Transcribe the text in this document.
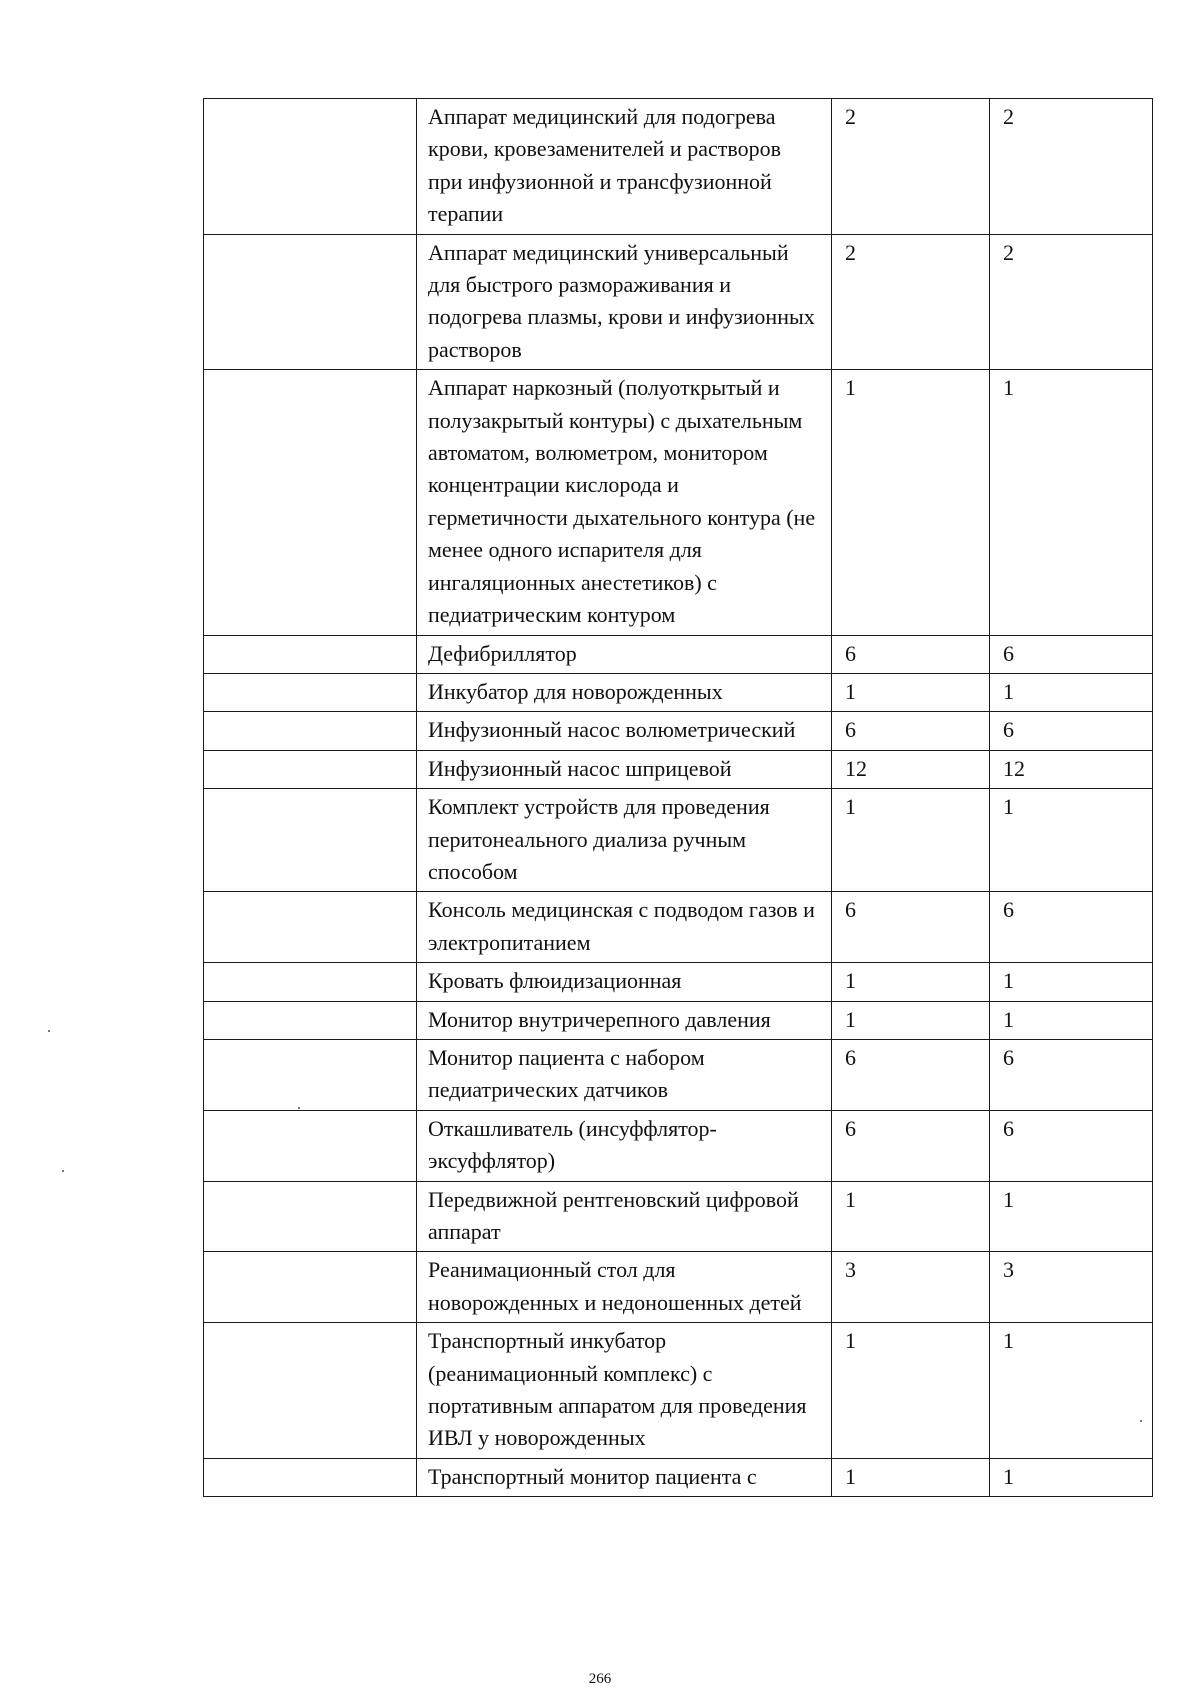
	Аппарат медицинский для подогрева крови, кровезаменителей и растворов при инфузионной и трансфузионной терапии	2	2
	Аппарат медицинский универсальный для быстрого размораживания и подогрева плазмы, крови и инфузионных растворов	2	2
	Аппарат наркозный (полуоткрытый и полузакрытый контуры) с дыхательным автоматом, волюметром, монитором концентрации кислорода и герметичности дыхательного контура (не менее одного испарителя для ингаляционных анестетиков) с педиатрическим контуром	1	1
	Дефибриллятор	6	6
	Инкубатор для новорожденных	1	1
	Инфузионный насос волюметрический	6	6
	Инфузионный насос шприцевой	12	12
	Комплект устройств для проведения перитонеального диализа ручным способом	1	1
	Консоль медицинская с подводом газов и электропитанием	6	6
	Кровать флюидизационная	1	1
	Монитор внутричерепного давления	1	1
	Монитор пациента с набором педиатрических датчиков	6	6
	Откашливатель (инсуффлятор-эксуффлятор)	6	6
	Передвижной рентгеновский цифровой аппарат	1	1
	Реанимационный стол для новорожденных и недоношенных детей	3	3
	Транспортный инкубатор (реанимационный комплекс) с портативным аппаратом для проведения ИВЛ у новорожденных	1	1
	Транспортный монитор пациента с	1	1
266
